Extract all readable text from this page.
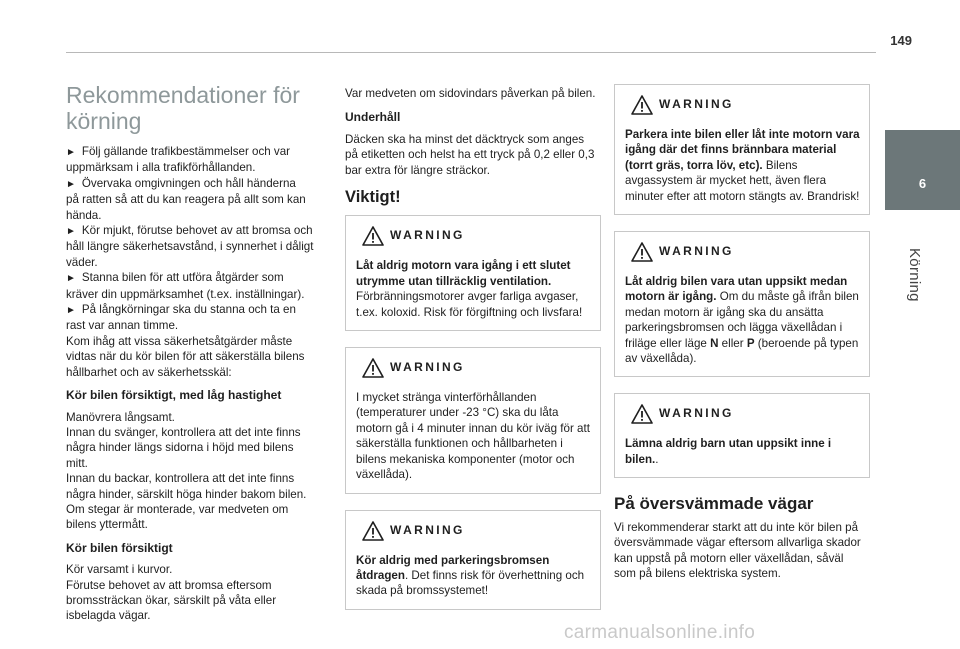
149
6
Körning
Rekommendationer för
körning
► Följ gällande trafikbestämmelser och var
uppmärksam i alla trafikförhållanden.
► Övervaka omgivningen och håll händerna
på ratten så att du kan reagera på allt som kan
hända.
► Kör mjukt, förutse behovet av att bromsa och
håll längre säkerhetsavstånd, i synnerhet i dåligt
väder.
► Stanna bilen för att utföra åtgärder som
kräver din uppmärksamhet (t.ex. inställningar).
► På långkörningar ska du stanna och ta en
rast var annan timme.
Kom ihåg att vissa säkerhetsåtgärder måste
vidtas när du kör bilen för att säkerställa bilens
hållbarhet och av säkerhetsskäl:
Kör bilen försiktigt, med låg hastighet
Manövrera långsamt.
Innan du svänger, kontrollera att det inte finns
några hinder längs sidorna i höjd med bilens
mitt.
Innan du backar, kontrollera att det inte finns
några hinder, särskilt höga hinder bakom bilen.
Om stegar är monterade, var medveten om
bilens yttermått.
Kör bilen försiktigt
Kör varsamt i kurvor.
Förutse behovet av att bromsa eftersom
bromssträckan ökar, särskilt på våta eller
isbelagda vägar.
Var medveten om sidovindars påverkan på bilen.
Underhåll
Däcken ska ha minst det däcktryck som anges
på etiketten och helst ha ett tryck på 0,2 eller 0,3
bar extra för längre sträckor.
Viktigt!
WARNING
Låt aldrig motorn vara igång i ett slutet
utrymme utan tillräcklig ventilation.
Förbränningsmotorer avger farliga avgaser,
t.ex. koloxid. Risk för förgiftning och livsfara!
WARNING
I mycket stränga vinterförhållanden
(temperaturer under -23 °C) ska du låta
motorn gå i 4 minuter innan du kör iväg för att
säkerställa funktionen och hållbarheten i
bilens mekaniska komponenter (motor och
växellåda).
WARNING
Kör aldrig med parkeringsbromsen
åtdragen. Det finns risk för överhettning och
skada på bromssystemet!
WARNING
Parkera inte bilen eller låt inte motorn vara
igång där det finns brännbara material
(torrt gräs, torra löv, etc). Bilens
avgassystem är mycket hett, även flera
minuter efter att motorn stängts av. Brandrisk!
WARNING
Låt aldrig bilen vara utan uppsikt medan
motorn är igång. Om du måste gå ifrån bilen
medan motorn är igång ska du ansätta
parkeringsbromsen och lägga växellådan i
friläge eller läge N eller P (beroende på typen
av växellåda).
WARNING
Lämna aldrig barn utan uppsikt inne i
bilen..
På översvämmade vägar
Vi rekommenderar starkt att du inte kör bilen på
översvämmade vägar eftersom allvarliga skador
kan uppstå på motorn eller växellådan, såväl
som på bilens elektriska system.
carmanualsonline.info
